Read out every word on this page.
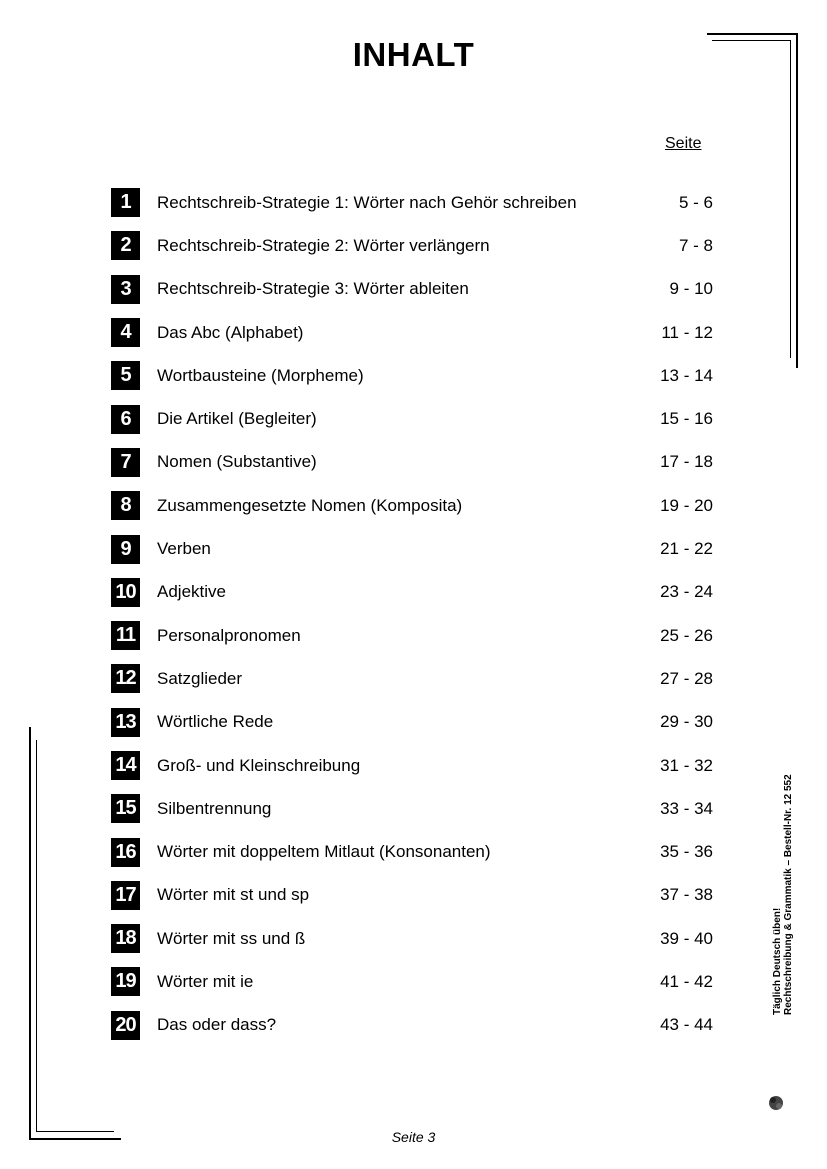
INHALT
Seite
1	Rechtschreib-Strategie 1: Wörter nach Gehör schreiben	5 - 6
2	Rechtschreib-Strategie 2: Wörter verlängern	7 - 8
3	Rechtschreib-Strategie 3: Wörter ableiten	9 - 10
4	Das Abc (Alphabet)	11 - 12
5	Wortbausteine (Morpheme)	13 - 14
6	Die Artikel (Begleiter)	15 - 16
7	Nomen (Substantive)	17 - 18
8	Zusammengesetzte Nomen (Komposita)	19 - 20
9	Verben	21 - 22
10 Adjektive	23 - 24
11 Personalpronomen	25 - 26
12 Satzglieder	27 - 28
13 Wörtliche Rede	29 - 30
14 Groß- und Kleinschreibung	31 - 32
15 Silbentrennung	33 - 34
16 Wörter mit doppeltem Mitlaut (Konsonanten)	35 - 36
17 Wörter mit st und sp	37 - 38
18 Wörter mit ss und ß	39 - 40
19 Wörter mit ie	41 - 42
20 Das oder dass?	43 - 44
Täglich Deutsch üben! Rechtschreibung & Grammatik – Bestell-Nr. 12 552
Seite 3
